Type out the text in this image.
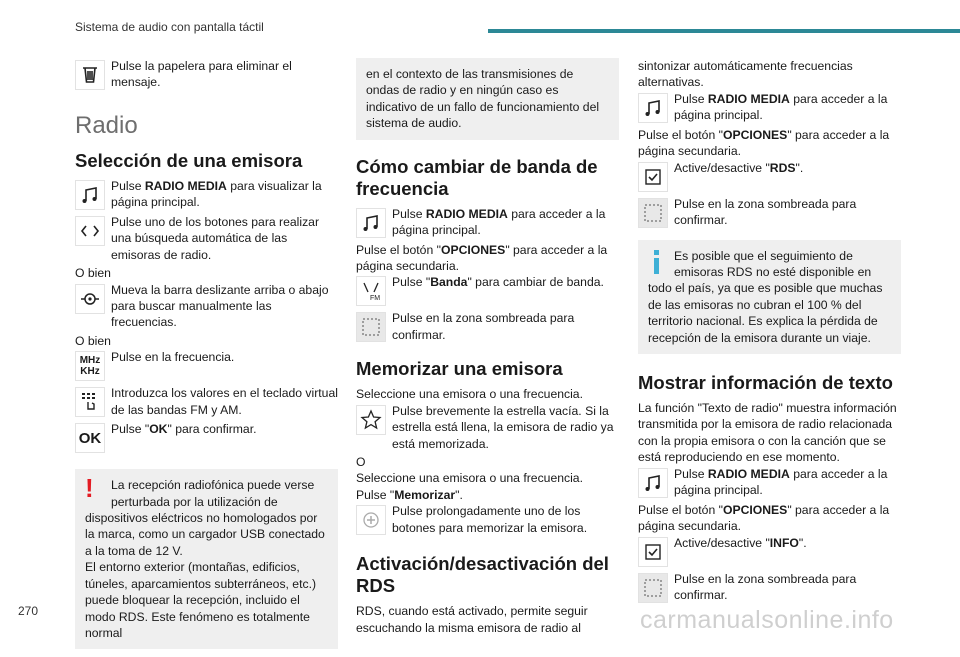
Sistema de audio con pantalla táctil
270	carmanualsonline.info

Pulse la papelera para eliminar el mensaje.

Radio
Selección de una emisora

Pulse RADIO MEDIA para visualizar la página principal.

Pulse uno de los botones para realizar una búsqueda automática de las emisoras de radio.

O bien

Mueva la barra deslizante arriba o abajo para buscar manualmente las frecuencias.

O bien

MHz
KHz

Pulse en la frecuencia.

Introduzca los valores en el teclado virtual de las bandas FM y AM.

OK

Pulse "OK" para confirmar.

!	La recepción radiofónica puede verse perturbada por la utilización de dispositivos eléctricos no homologados por la marca, como un cargador USB conectado a la toma de 12 V.
El entorno exterior (montañas, edificios, túneles, aparcamientos subterráneos, etc.) puede bloquear la recepción, incluido el modo RDS. Este fenómeno es totalmente normal

en el contexto de las transmisiones de ondas de radio y en ningún caso es indicativo de un fallo de funcionamiento del sistema de audio.

Cómo cambiar de banda de frecuencia

Pulse RADIO MEDIA para acceder a la página principal.

Pulse el botón "OPCIONES" para acceder a la página secundaria.

FM

Pulse "Banda" para cambiar de banda.

Pulse en la zona sombreada para confirmar.

Memorizar una emisora

Seleccione una emisora o una frecuencia.

Pulse brevemente la estrella vacía. Si la estrella está llena, la emisora de radio ya está memorizada.

O

Seleccione una emisora o una frecuencia.

Pulse "Memorizar".

Pulse prolongadamente uno de los botones para memorizar la emisora.

Activación/desactivación del RDS

RDS, cuando está activado, permite seguir escuchando la misma emisora de radio al

sintonizar automáticamente frecuencias alternativas.

Pulse RADIO MEDIA para acceder a la página principal.

Pulse el botón "OPCIONES" para acceder a la página secundaria.

Active/desactive "RDS".

Pulse en la zona sombreada para confirmar.

Es posible que el seguimiento de emisoras RDS no esté disponible en todo el país, ya que es posible que muchas de las emisoras no cubran el 100 % del territorio nacional. Es explica la pérdida de recepción de la emisora durante un viaje.

Mostrar información de texto

La función "Texto de radio" muestra información transmitida por la emisora de radio relacionada con la propia emisora o con la canción que se está reproduciendo en ese momento.

Pulse RADIO MEDIA para acceder a la página principal.

Pulse el botón "OPCIONES" para acceder a la página secundaria.

Active/desactive "INFO".

Pulse en la zona sombreada para confirmar.
